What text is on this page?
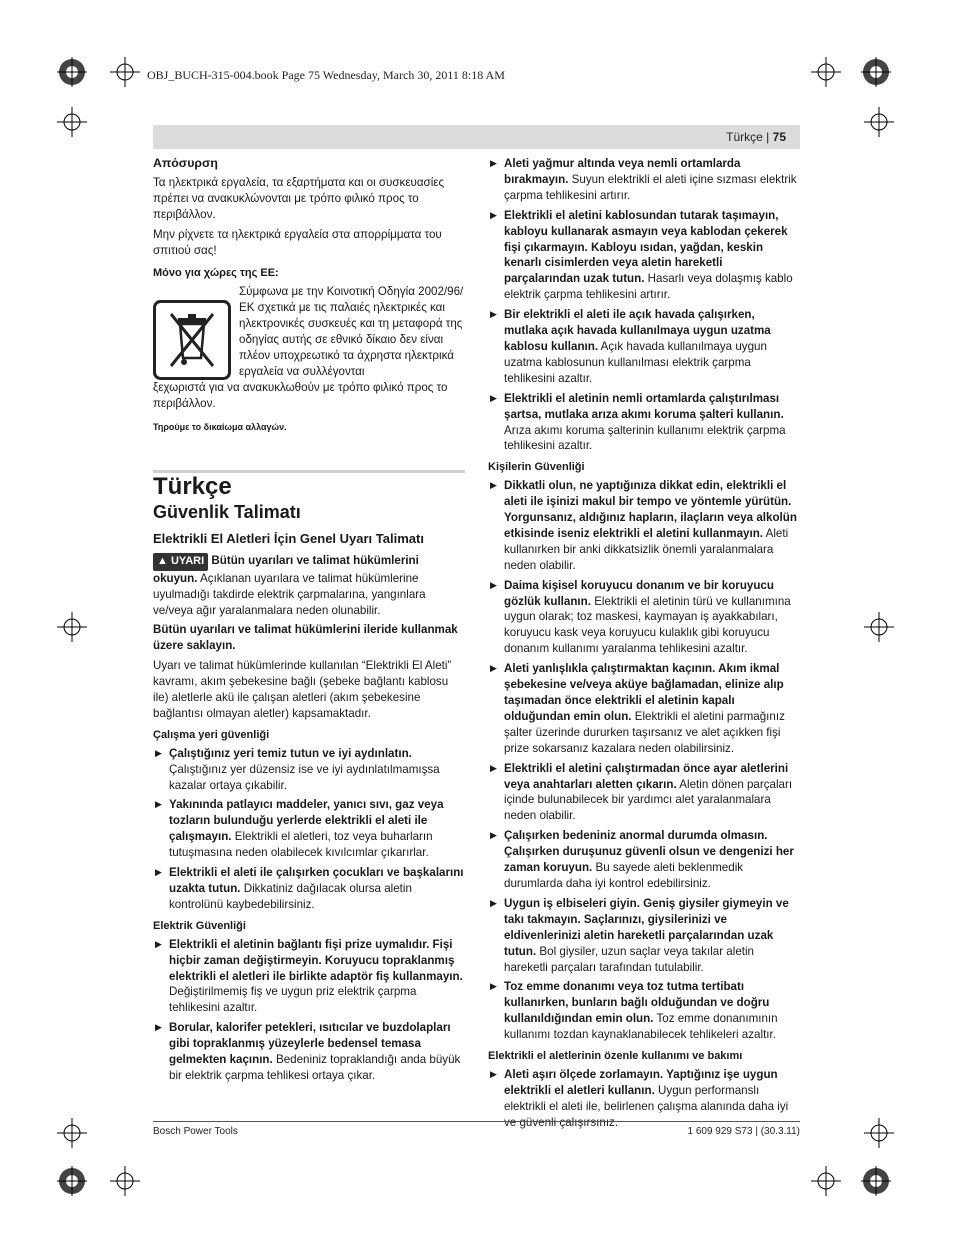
OBJ_BUCH-315-004.book Page 75 Wednesday, March 30, 2011 8:18 AM
Türkçe | 75
Απόσυρση

Τα ηλεκτρικά εργαλεία, τα εξαρτήματα και οι συσκευασίες πρέπει να ανακυκλώνονται με τρόπο φιλικό προς το περιβάλλον.

Μην ρίχνετε τα ηλεκτρικά εργαλεία στα απορρίμματα του σπιτιού σας!

Μόνο για χώρες της ΕΕ:
Σύμφωνα με την Κοινοτική Οδηγία 2002/96/ΕΚ σχετικά με τις παλαιές ηλεκτρικές και ηλεκτρονικές συσκευές και τη μεταφορά της οδηγίας αυτής σε εθνικό δίκαιο δεν είναι πλέον υποχρεωτικό τα άχρηστα ηλεκτρικά εργαλεία να συλλέγονται

ξεχωριστά για να ανακυκλωθούν με τρόπο φιλικό προς το περιβάλλον.

Τηρούμε το δικαίωμα αλλαγών.
Türkçe
Güvenlik Talimatı
Elektrikli El Aletleri İçin Genel Uyarı Talimatı

▲ UYARI Bütün uyarıları ve talimat hükümlerini okuyun. Açıklanan uyarılara ve talimat hükümlerine uyulmadığı takdirde elektrik çarpmalarına, yangınlara ve/veya ağır yaralanmalara neden olunabilir.

Bütün uyarıları ve talimat hükümlerini ileride kullanmak üzere saklayın.

Uyarı ve talimat hükümlerinde kullanılan “Elektrikli El Aleti” kavramı, akım şebekesine bağlı (şebeke bağlantı kablosu ile) aletlerle akü ile çalışan aletleri (akım şebekesine bağlantısı olmayan aletler) kapsamaktadır.

Çalışma yeri güvenliği
▶ Çalıştığınız yeri temiz tutun ve iyi aydınlatın. Çalıştığınız yer düzensiz ise ve iyi aydınlatılmamışsa kazalar ortaya çıkabilir.
▶ Yakınında patlayıcı maddeler, yanıcı sıvı, gaz veya tozların bulunduğu yerlerde elektrikli el aleti ile çalışmayın. Elektrikli el aletleri, toz veya buharların tutuşmasına neden olabilecek kıvılcımlar çıkarırlar.
▶ Elektrikli el aleti ile çalışırken çocukları ve başkalarını uzakta tutun. Dikkatiniz dağılacak olursa aletin kontrolünü kaybedebilirsiniz.
Elektrik Güvenliği
▶ Elektrikli el aletinin bağlantı fişi prize uymalıdır. Fişi hiçbir zaman değiştirmeyin. Koruyucu topraklanmış elektrikli el aletleri ile birlikte adaptör fiş kullanmayın. Değiştirilmemiş fiş ve uygun priz elektrik çarpma tehlikesini azaltır.
▶ Borular, kalorifer petekleri, ısıtıcılar ve buzdolapları gibi topraklanmış yüzeylerle bedensel temasa gelmekten kaçının. Bedeniniz topraklandığı anda büyük bir elektrik çarpma tehlikesi ortaya çıkar.
▶ Aleti yağmur altında veya nemli ortamlarda bırakmayın. Suyun elektrikli el aleti içine sızması elektrik çarpma tehlikesini artırır.
▶ Elektrikli el aletini kablosundan tutarak taşımayın, kabloyu kullanarak asmayın veya kablodan çekerek fişi çıkarmayın. Kabloyu ısıdan, yağdan, keskin kenarlı cisimlerden veya aletin hareketli parçalarından uzak tutun. Hasarlı veya dolaşmış kablo elektrik çarpma tehlikesini artırır.
▶ Bir elektrikli el aleti ile açık havada çalışırken, mutlaka açık havada kullanılmaya uygun uzatma kablosu kullanın. Açık havada kullanılmaya uygun uzatma kablosunun kullanılması elektrik çarpma tehlikesini azaltır.
▶ Elektrikli el aletinin nemli ortamlarda çalıştırılması şartsa, mutlaka arıza akımı koruma şalteri kullanın. Arıza akımı koruma şalterinin kullanımı elektrik çarpma tehlikesini azaltır.
Kişilerin Güvenliği
▶ Dikkatli olun, ne yaptığınıza dikkat edin, elektrikli el aleti ile işinizi makul bir tempo ve yöntemle yürütün. Yorgunsanız, aldığınız hapların, ilaçların veya alkolün etkisinde iseniz elektrikli el aletini kullanmayın. Aleti kullanırken bir anki dikkatsizlik önemli yaralanmalara neden olabilir.
▶ Daima kişisel koruyucu donanım ve bir koruyucu gözlük kullanın. Elektrikli el aletinin türü ve kullanımına uygun olarak; toz maskesi, kaymayan iş ayakkabıları, koruyucu kask veya koruyucu kulaklık gibi koruyucu donanım kullanımı yaralanma tehlikesini azaltır.
▶ Aleti yanlışlıkla çalıştırmaktan kaçının. Akım ikmal şebekesine ve/veya aküye bağlamadan, elinize alıp taşımadan önce elektrikli el aletinin kapalı olduğundan emin olun. Elektrikli el aletini parmağınız şalter üzerinde dururken taşırsanız ve alet açıkken fişi prize sokarsanız kazalara neden olabilirsiniz.
▶ Elektrikli el aletini çalıştırmadan önce ayar aletlerini veya anahtarları aletten çıkarın. Aletin dönen parçaları içinde bulunabilecek bir yardımcı alet yaralanmalara neden olabilir.
▶ Çalışırken bedeniniz anormal durumda olmasın. Çalışırken duruşunuz güvenli olsun ve dengenizi her zaman koruyun. Bu sayede aleti beklenmedik durumlarda daha iyi kontrol edebilirsiniz.
▶ Uygun iş elbiseleri giyin. Geniş giysiler giymeyin ve takı takmayın. Saçlarınızı, giysilerinizi ve eldivenlerinizi aletin hareketli parçalarından uzak tutun. Bol giysiler, uzun saçlar veya takılar aletin hareketli parçaları tarafından tutulabilir.
▶ Toz emme donanımı veya toz tutma tertibatı kullanırken, bunların bağlı olduğundan ve doğru kullanıldığından emin olun. Toz emme donanımının kullanımı tozdan kaynaklanabilecek tehlikeleri azaltır.
Elektrikli el aletlerinin özenle kullanımı ve bakımı
▶ Aleti aşırı ölçede zorlamayın. Yaptığınız işe uygun elektrikli el aletleri kullanın. Uygun performanslı elektrikli el aleti ile, belirlenen çalışma alanında daha iyi ve güvenli çalışırsınız.
Bosch Power Tools	1 609 929 S73 | (30.3.11)
